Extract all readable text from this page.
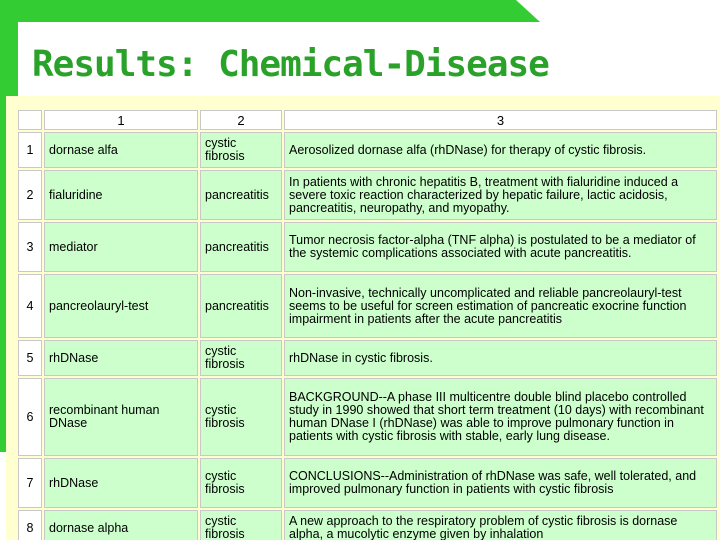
Results: Chemical-Disease
	1	2	3
1	dornase alfa	cystic fibrosis	Aerosolized dornase alfa (rhDNase) for therapy of cystic fibrosis.
2	fialuridine	pancreatitis	In patients with chronic hepatitis B, treatment with fialuridine induced a severe toxic reaction characterized by hepatic failure, lactic acidosis, pancreatitis, neuropathy, and myopathy.
3	mediator	pancreatitis	Tumor necrosis factor-alpha (TNF alpha) is postulated to be a mediator of the systemic complications associated with acute pancreatitis.
4	pancreolauryl-test	pancreatitis	Non-invasive, technically uncomplicated and reliable pancreolauryl-test seems to be useful for screen estimation of pancreatic exocrine function impairment in patients after the acute pancreatitis
5	rhDNase	cystic fibrosis	rhDNase in cystic fibrosis.
6	recombinant human DNase	cystic fibrosis	BACKGROUND--A phase III multicentre double blind placebo controlled study in 1990 showed that short term treatment (10 days) with recombinant human DNase I (rhDNase) was able to improve pulmonary function in patients with cystic fibrosis with stable, early lung disease.
7	rhDNase	cystic fibrosis	CONCLUSIONS--Administration of rhDNase was safe, well tolerated, and improved pulmonary function in patients with cystic fibrosis
8	dornase alpha	cystic fibrosis	A new approach to the respiratory problem of cystic fibrosis is dornase alpha, a mucolytic enzyme given by inhalation
